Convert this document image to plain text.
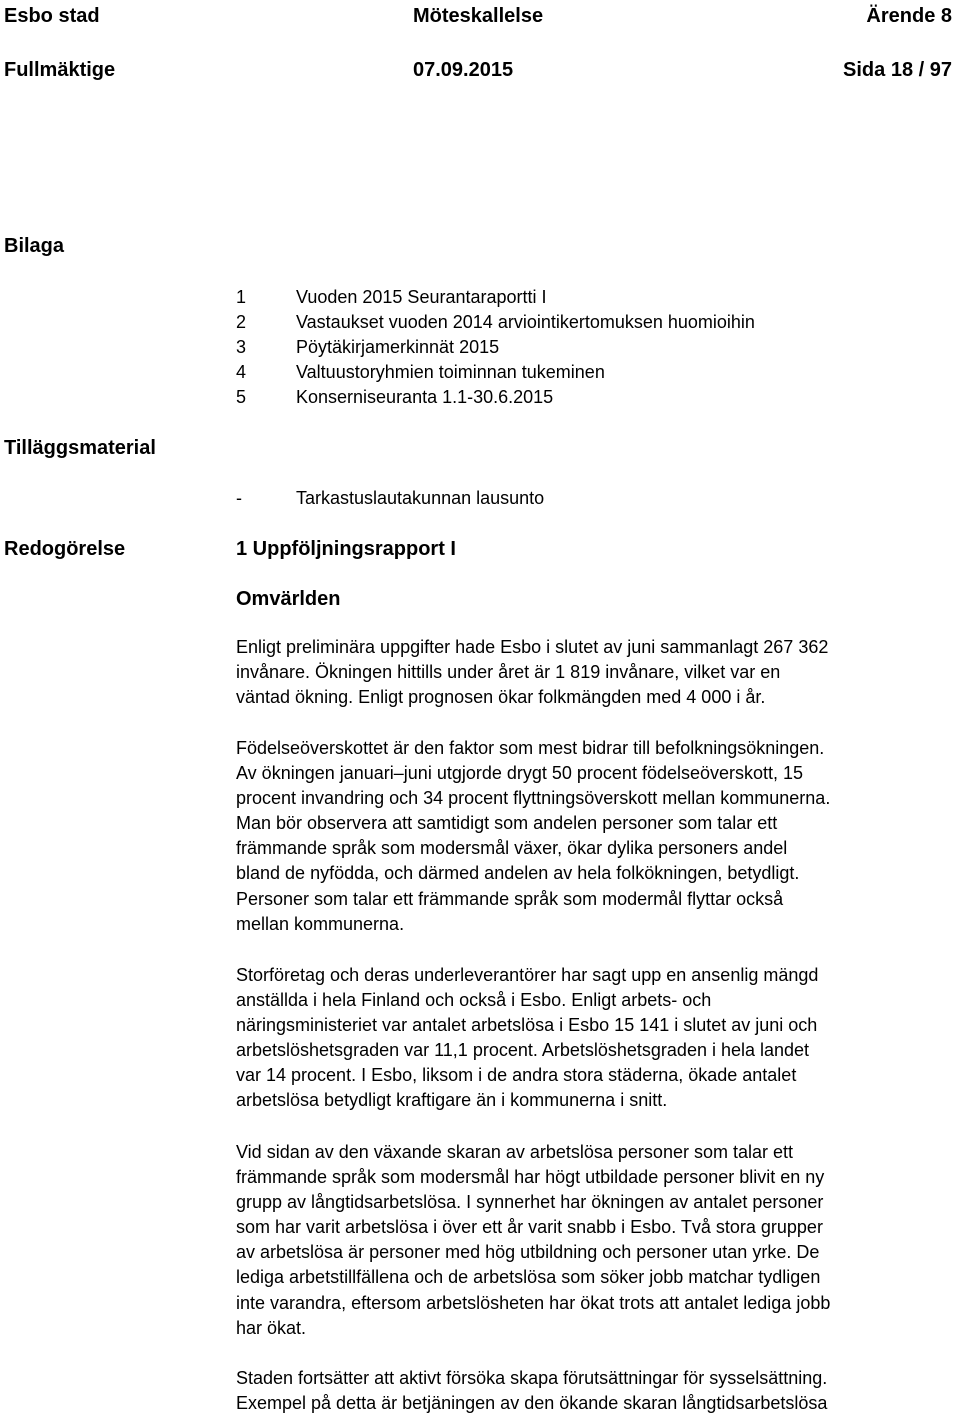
Esbo stad	Möteskallelse	Ärende 8
Fullmäktige	07.09.2015	Sida 18 / 97
Bilaga
Tilläggsmaterial
Redogörelse
1	Vuoden 2015 Seurantaraportti I
2	Vastaukset vuoden 2014 arviointikertomuksen huomioihin
3	Pöytäkirjamerkinnät 2015
4	Valtuustoryhmien toiminnan tukeminen
5	Konserniseuranta 1.1-30.6.2015
-	Tarkastuslautakunnan lausunto
1 Uppföljningsrapport I
Omvärlden
Enligt preliminära uppgifter hade Esbo i slutet av juni sammanlagt 267 362
invånare. Ökningen hittills under året är 1 819 invånare, vilket var en
väntad ökning. Enligt prognosen ökar folkmängden med 4 000 i år.
Födelseöverskottet är den faktor som mest bidrar till befolkningsökningen.
Av ökningen januari–juni utgjorde drygt 50 procent födelseöverskott, 15
procent invandring och 34 procent flyttningsöverskott mellan kommunerna.
Man bör observera att samtidigt som andelen personer som talar ett
främmande språk som modersmål växer, ökar dylika personers andel
bland de nyfödda, och därmed andelen av hela folkökningen, betydligt.
Personer som talar ett främmande språk som modermål flyttar också
mellan kommunerna.
Storföretag och deras underleverantörer har sagt upp en ansenlig mängd
anställda i hela Finland och också i Esbo. Enligt arbets- och
näringsministeriet var antalet arbetslösa i Esbo 15 141 i slutet av juni och
arbetslöshetsgraden var 11,1 procent. Arbetslöshetsgraden i hela landet
var 14 procent. I Esbo, liksom i de andra stora städerna, ökade antalet
arbetslösa betydligt kraftigare än i kommunerna i snitt.
Vid sidan av den växande skaran av arbetslösa personer som talar ett
främmande språk som modersmål har högt utbildade personer blivit en ny
grupp av långtidsarbetslösa. I synnerhet har ökningen av antalet personer
som har varit arbetslösa i över ett år varit snabb i Esbo. Två stora grupper
av arbetslösa är personer med hög utbildning och personer utan yrke. De
lediga arbetstillfällena och de arbetslösa som söker jobb matchar tydligen
inte varandra, eftersom arbetslösheten har ökat trots att antalet lediga jobb
har ökat.
Staden fortsätter att aktivt försöka skapa förutsättningar för sysselsättning.
Exempel på detta är betjäningen av den ökande skaran långtidsarbetslösa
